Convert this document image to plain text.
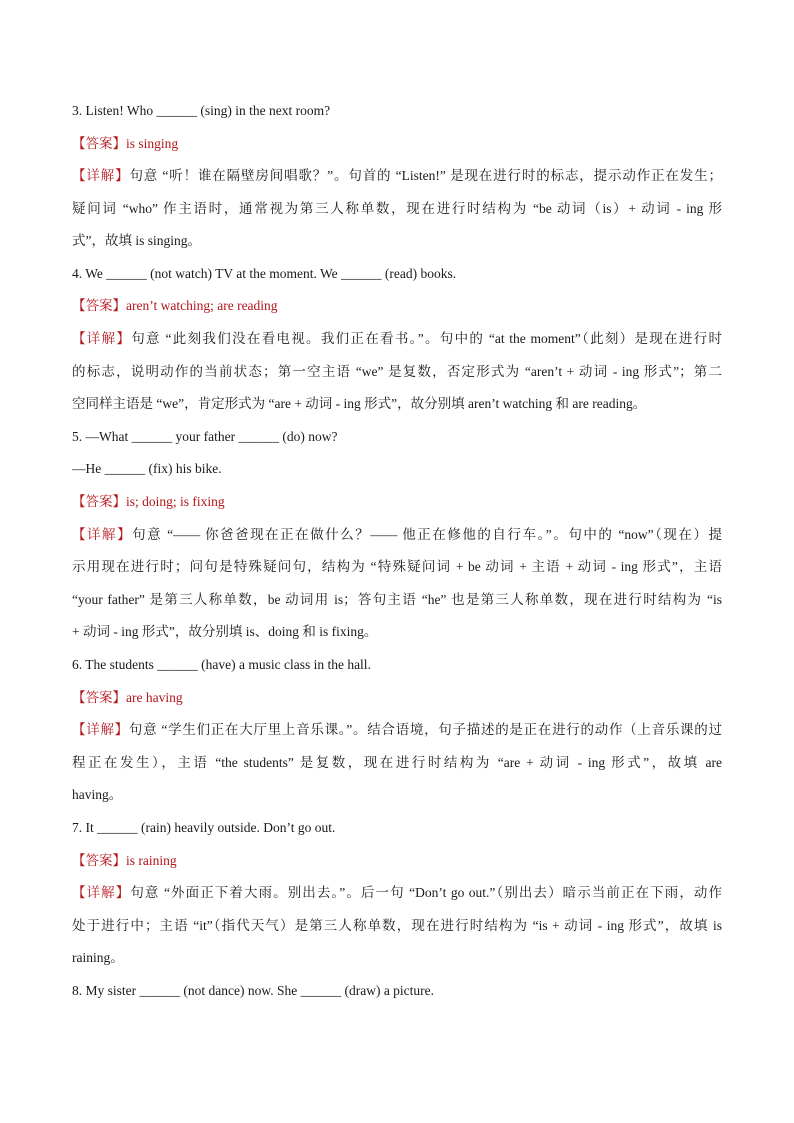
3. Listen! Who ______ (sing) in the next room?
【答案】is singing
【详解】句意 “听！谁在隔壁房间唱歌？”。句首的 “Listen!” 是现在进行时的标志，提示动作正在发生；
疑问词 “who” 作主语时，通常视为第三人称单数，现在进行时结构为 “be 动词（is）+ 动词 - ing 形
式”，故填 is singing。
4. We ______ (not watch) TV at the moment. We ______ (read) books.
【答案】aren’t watching; are reading
【详解】句意 “此刻我们没在看电视。我们正在看书。”。句中的 “at the moment”（此刻）是现在进行时
的标志，说明动作的当前状态；第一空主语 “we” 是复数，否定形式为 “aren’t + 动词 - ing 形式”；第二
空同样主语是 “we”，肯定形式为 “are + 动词 - ing 形式”，故分别填 aren’t watching 和 are reading。
5. —What ______ your father ______ (do) now?
—He ______ (fix) his bike.
【答案】is; doing; is fixing
【详解】句意 “—— 你爸爸现在正在做什么？—— 他正在修他的自行车。”。句中的 “now”（现在）提
示用现在进行时；问句是特殊疑问句，结构为 “特殊疑问词 + be 动词 + 主语 + 动词 - ing 形式”，主语
“your father” 是第三人称单数，be 动词用 is；答句主语 “he” 也是第三人称单数，现在进行时结构为 “is
+ 动词 - ing 形式”，故分别填 is、doing 和 is fixing。
6. The students ______ (have) a music class in the hall.
【答案】are having
【详解】句意 “学生们正在大厅里上音乐课。”。结合语境，句子描述的是正在进行的动作（上音乐课的过
程正在发生），主语 “the students” 是复数，现在进行时结构为 “are + 动词 - ing 形式”，故填 are
having。
7. It ______ (rain) heavily outside. Don’t go out.
【答案】is raining
【详解】句意 “外面正下着大雨。别出去。”。后一句 “Don’t go out.”（别出去）暗示当前正在下雨，动作
处于进行中；主语 “it”（指代天气）是第三人称单数，现在进行时结构为 “is + 动词 - ing 形式”，故填 is
raining。
8. My sister ______ (not dance) now. She ______ (draw) a picture.
